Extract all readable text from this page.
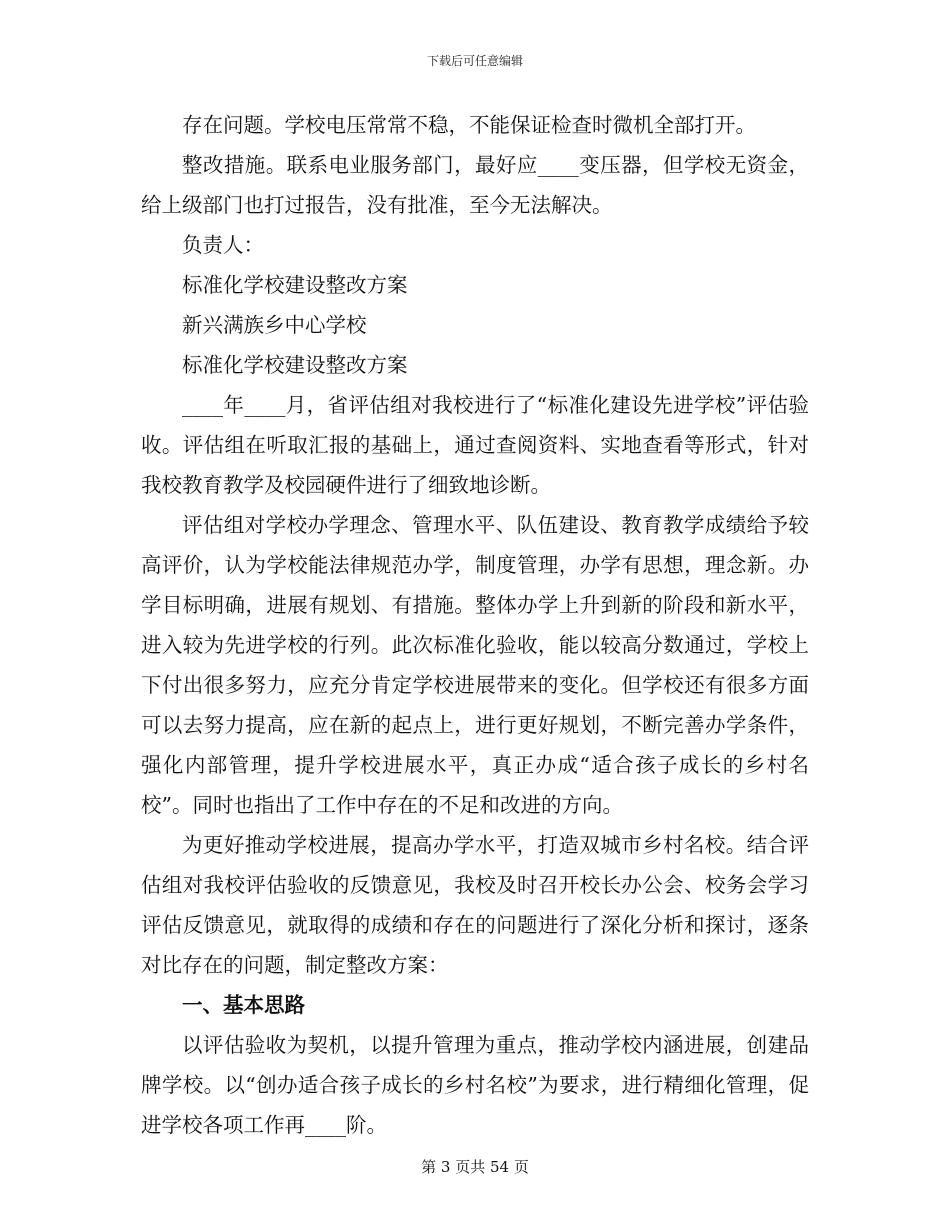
下载后可任意编辑

存在问题。学校电压常常不稳，不能保证检查时微机全部打开。

整改措施。联系电业服务部门，最好应____变压器，但学校无资金，给上级部门也打过报告，没有批准，至今无法解决。

负责人：

标准化学校建设整改方案

新兴满族乡中心学校

标准化学校建设整改方案

____年____月，省评估组对我校进行了“标准化建设先进学校”评估验收。评估组在听取汇报的基础上，通过查阅资料、实地查看等形式，针对我校教育教学及校园硬件进行了细致地诊断。

评估组对学校办学理念、管理水平、队伍建设、教育教学成绩给予较高评价，认为学校能法律规范办学，制度管理，办学有思想，理念新。办学目标明确，进展有规划、有措施。整体办学上升到新的阶段和新水平，进入较为先进学校的行列。此次标准化验收，能以较高分数通过，学校上下付出很多努力，应充分肯定学校进展带来的变化。但学校还有很多方面可以去努力提高，应在新的起点上，进行更好规划，不断完善办学条件，强化内部管理，提升学校进展水平，真正办成“适合孩子成长的乡村名校”。同时也指出了工作中存在的不足和改进的方向。

为更好推动学校进展，提高办学水平，打造双城市乡村名校。结合评估组对我校评估验收的反馈意见，我校及时召开校长办公会、校务会学习评估反馈意见，就取得的成绩和存在的问题进行了深化分析和探讨，逐条对比存在的问题，制定整改方案：

一、基本思路

以评估验收为契机，以提升管理为重点，推动学校内涵进展，创建品牌学校。以“创办适合孩子成长的乡村名校”为要求，进行精细化管理，促进学校各项工作再____阶。

第 3 页共 54 页
